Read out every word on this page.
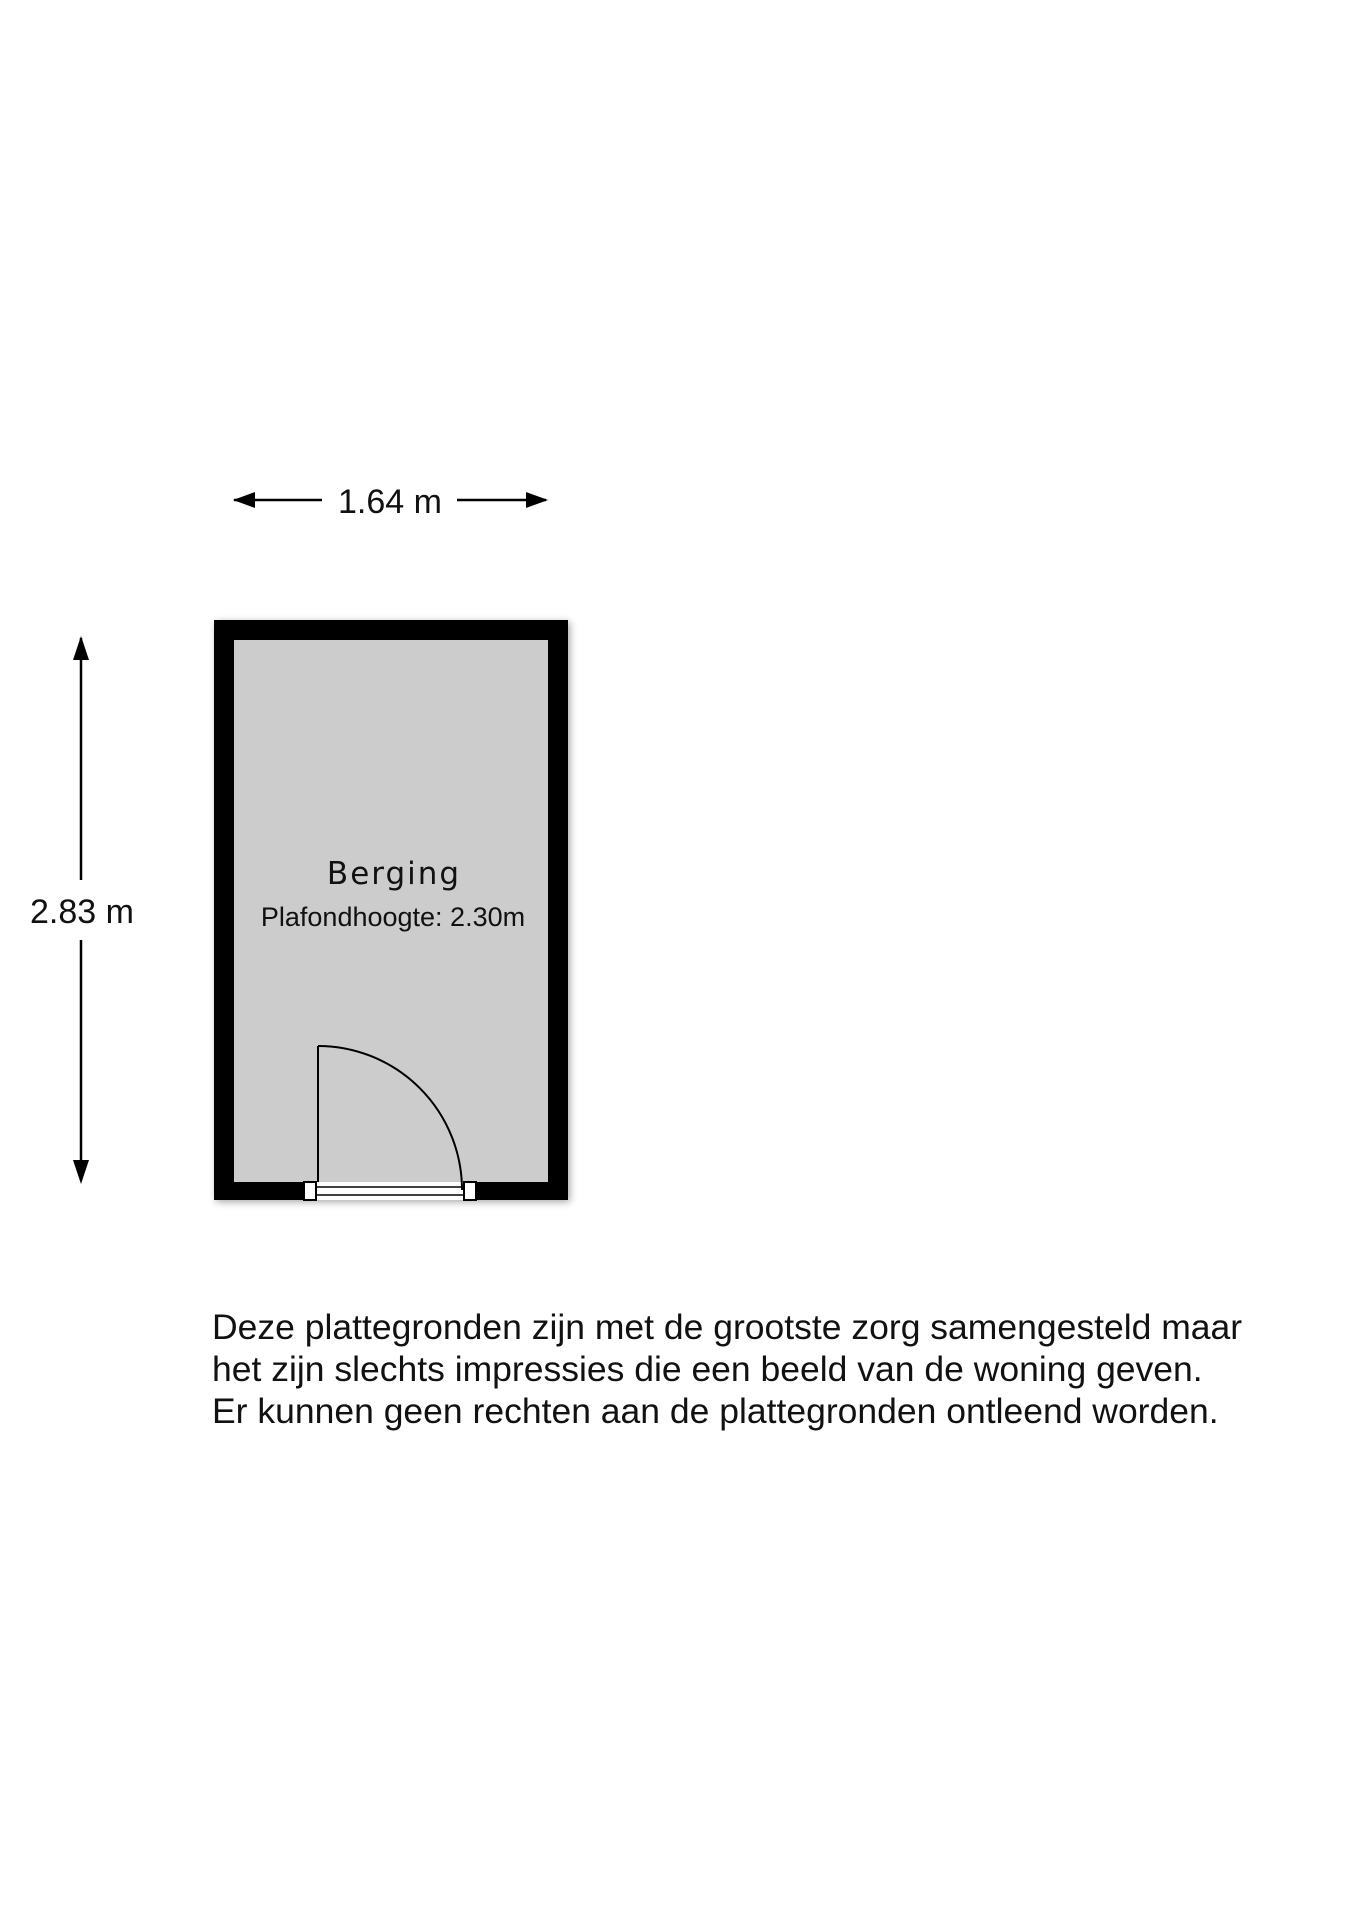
1.64 m
2.83 m
Berging
Plafondhoogte: 2.30m

Deze plattegronden zijn met de grootste zorg samengesteld maar

het zijn slechts impressies die een beeld van de woning geven.

Er kunnen geen rechten aan de plattegronden ontleend worden.
